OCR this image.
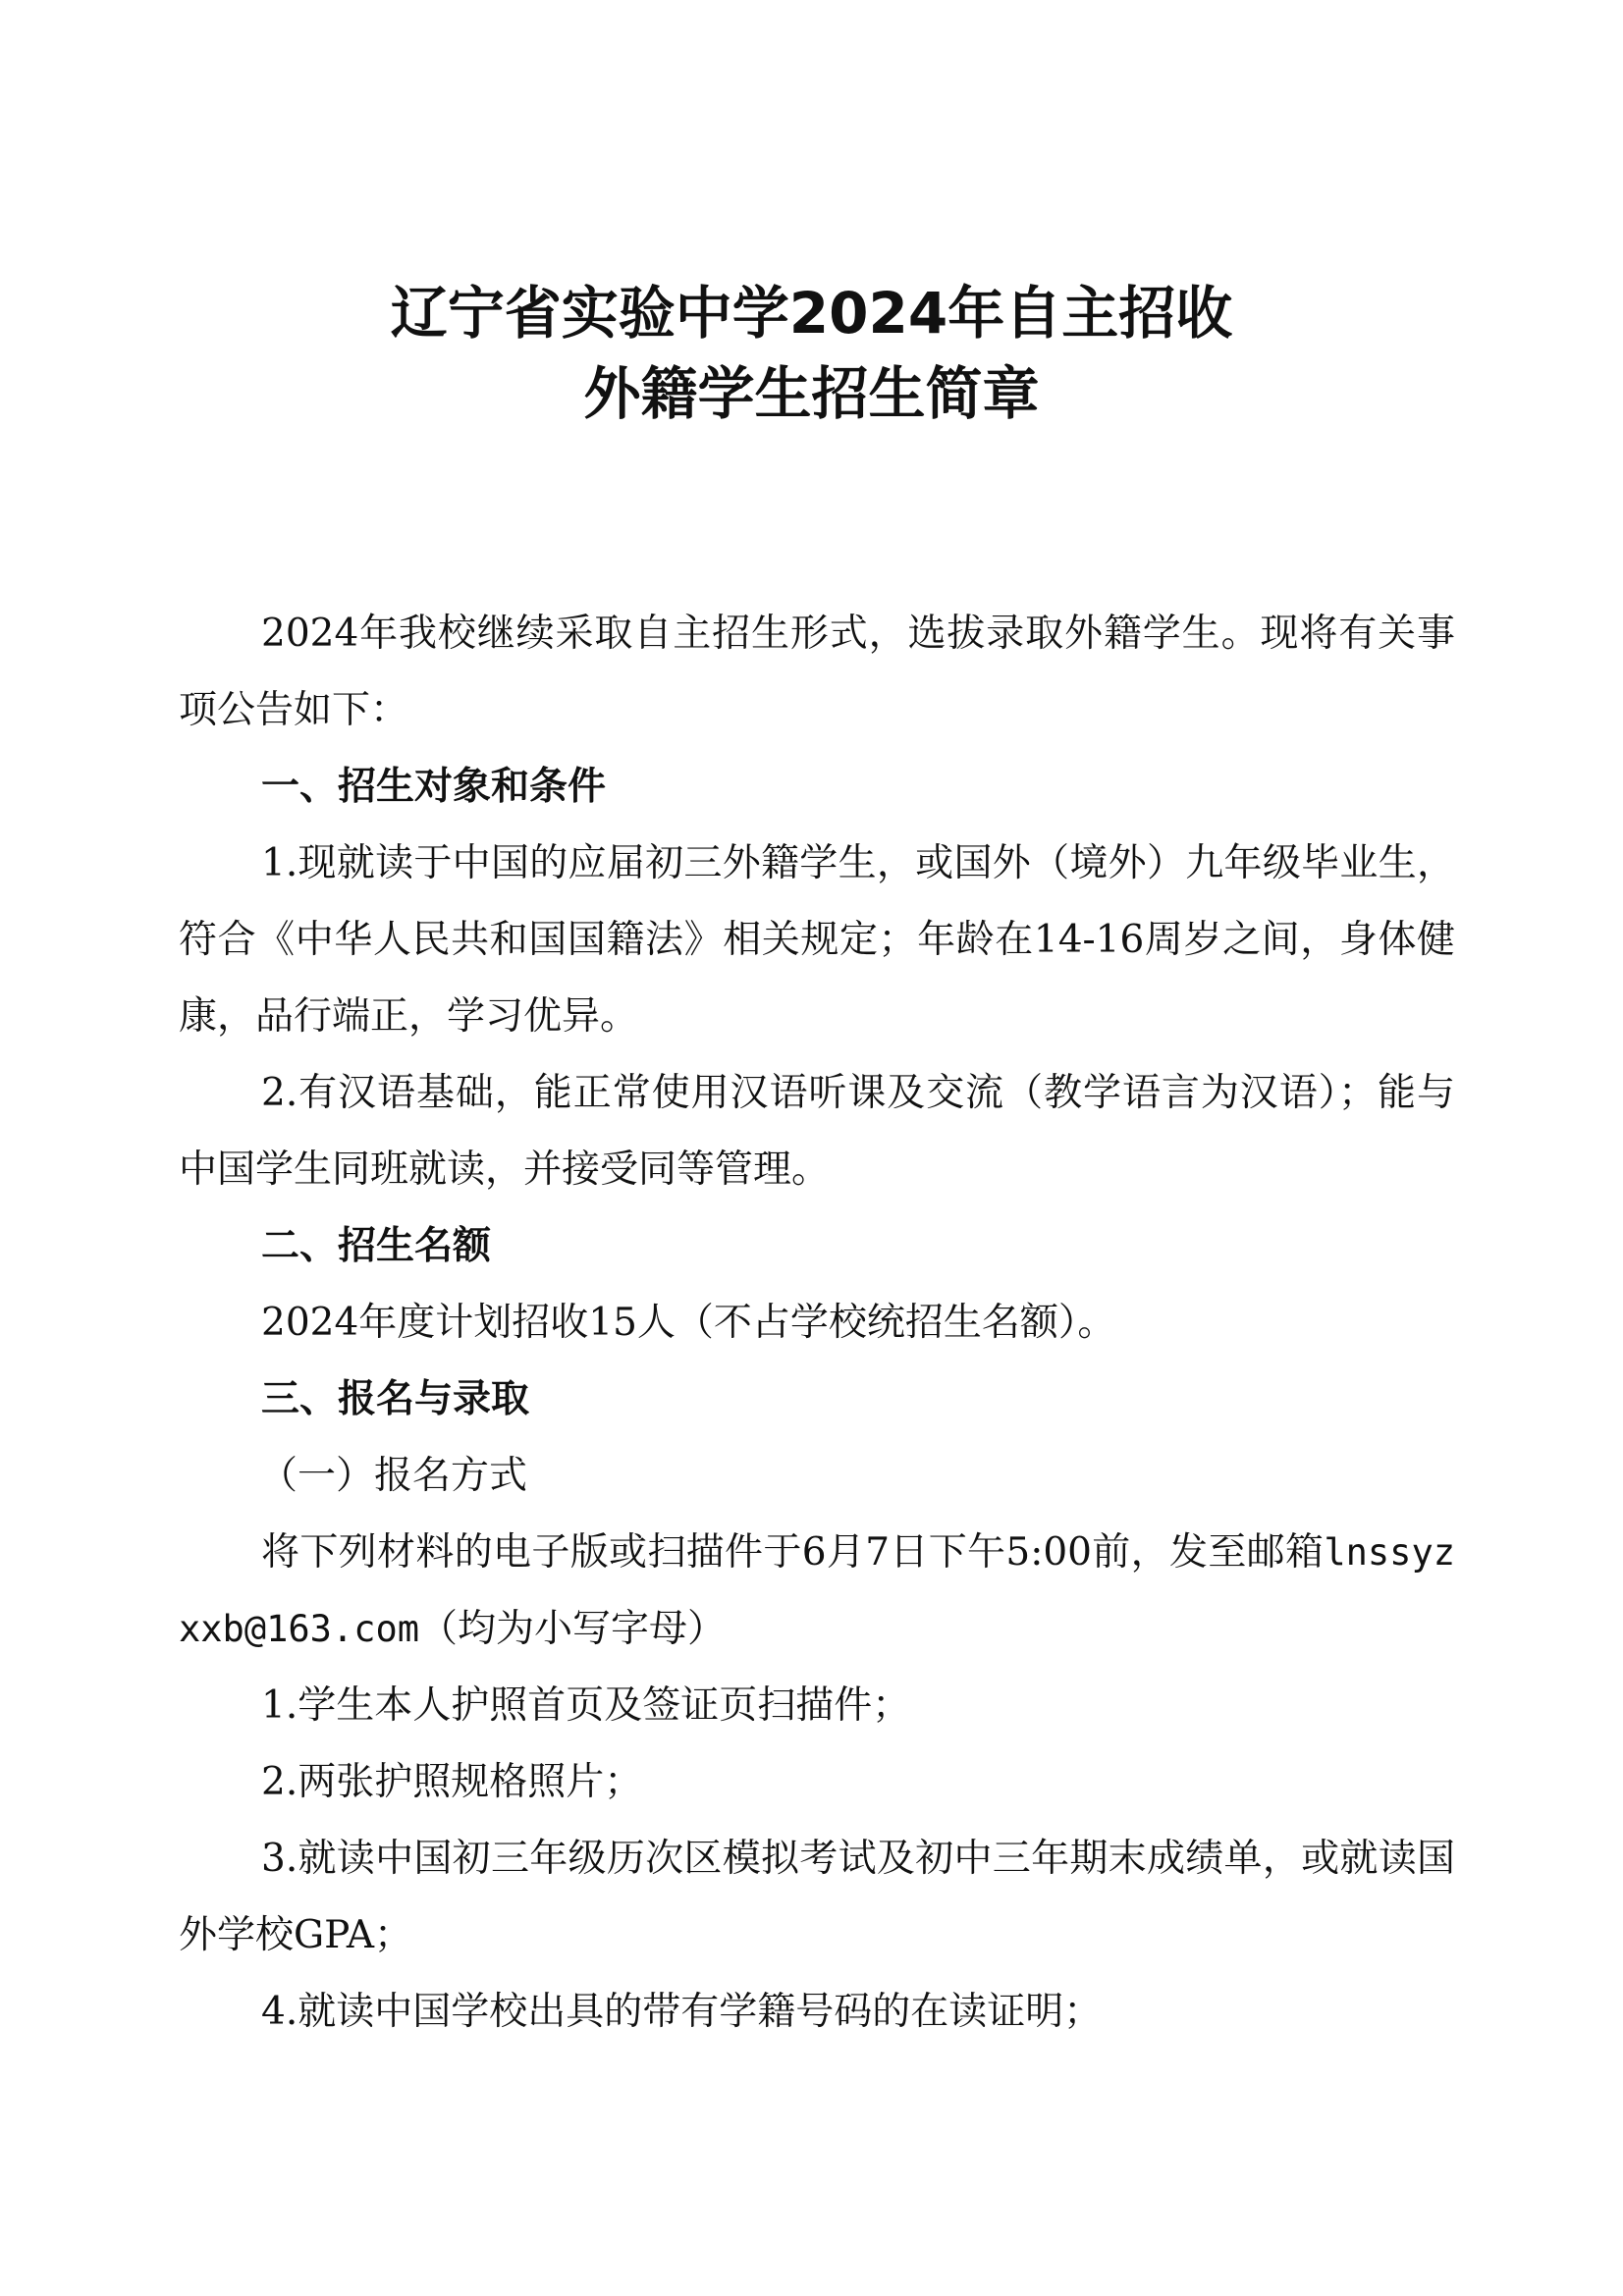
辽宁省实验中学2024年自主招收
外籍学生招生简章

2024年我校继续采取自主招生形式，选拔录取外籍学生。现将有关事项公告如下：

一、招生对象和条件

1.现就读于中国的应届初三外籍学生，或国外（境外）九年级毕业生，符合《中华人民共和国国籍法》相关规定；年龄在14-16周岁之间，身体健康，品行端正，学习优异。

2.有汉语基础，能正常使用汉语听课及交流（教学语言为汉语）；能与中国学生同班就读，并接受同等管理。

二、招生名额

2024年度计划招收15人（不占学校统招生名额）。

三、报名与录取

（一）报名方式

将下列材料的电子版或扫描件于6月7日下午5:00前，发至邮箱lnssyzxxb@163.com（均为小写字母）

1.学生本人护照首页及签证页扫描件；

2.两张护照规格照片；

3.就读中国初三年级历次区模拟考试及初中三年期末成绩单，或就读国外学校GPA；

4.就读中国学校出具的带有学籍号码的在读证明；
